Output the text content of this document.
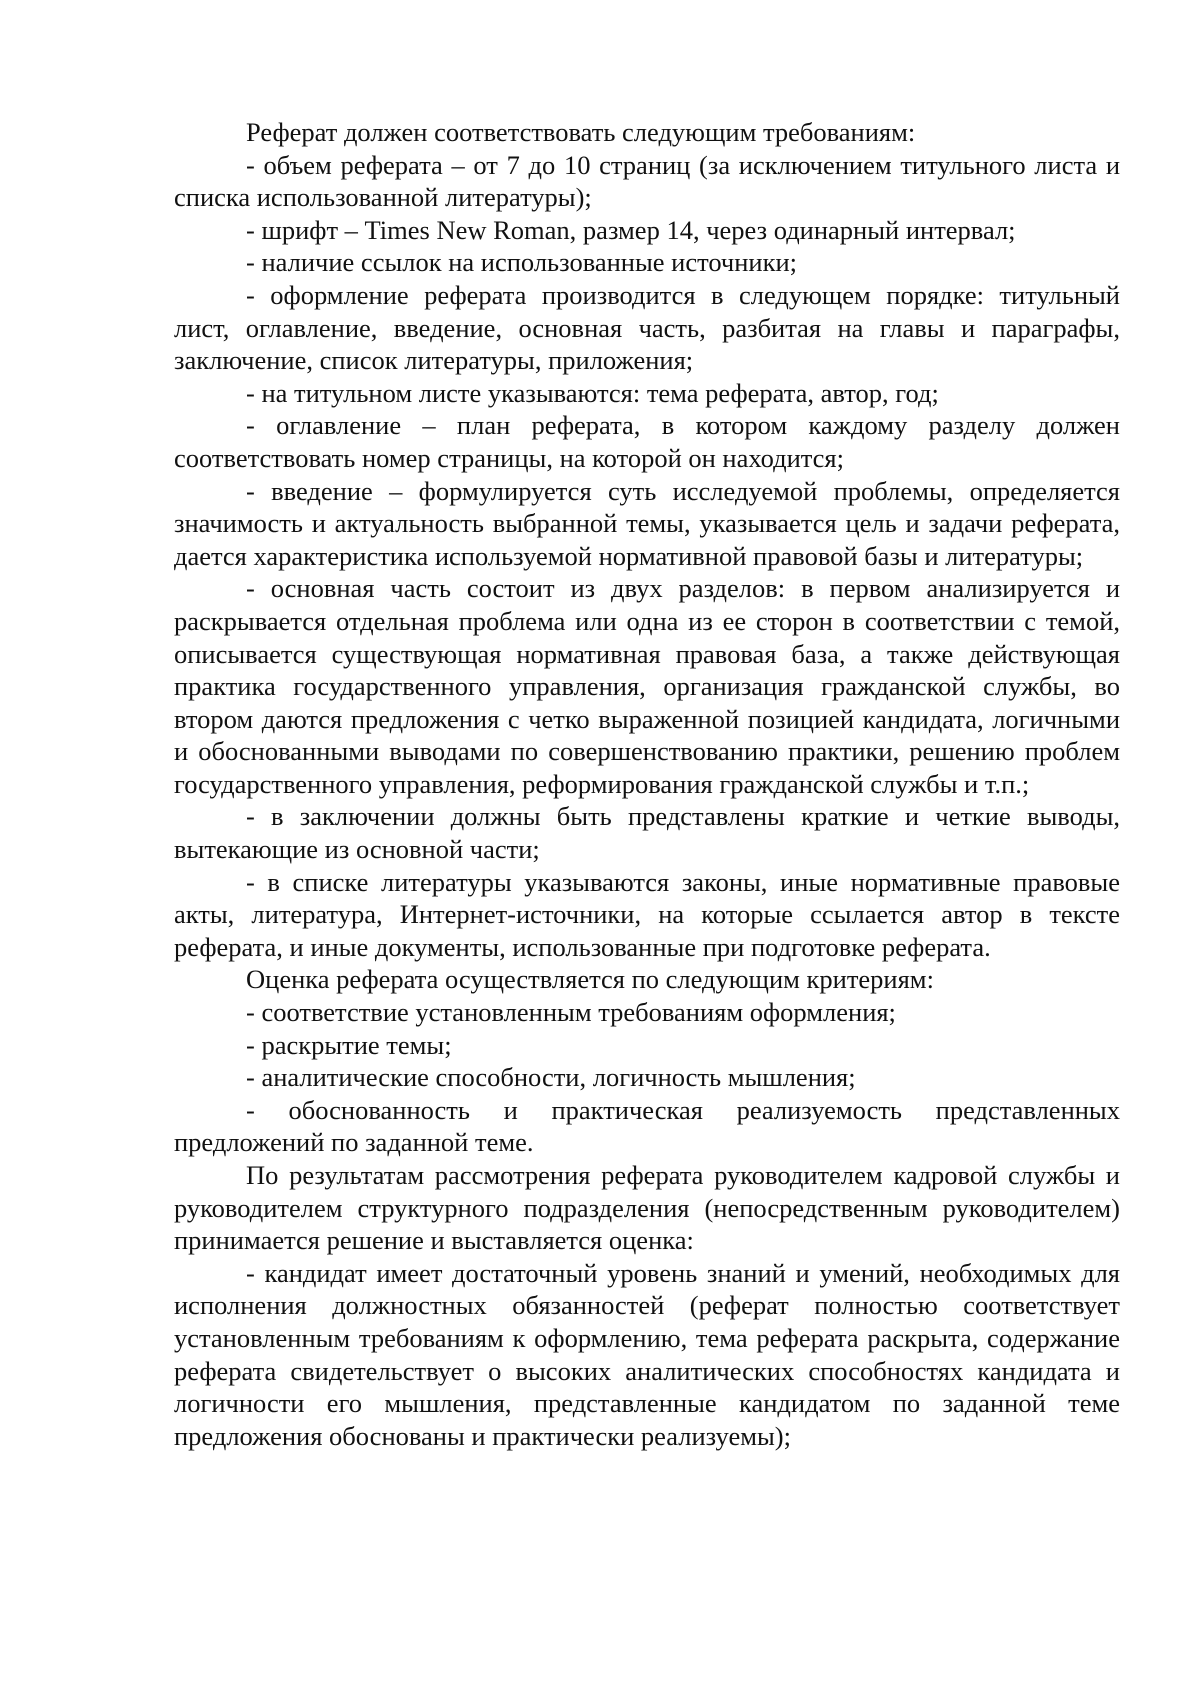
Реферат должен соответствовать следующим требованиям:

- объем реферата – от 7 до 10 страниц (за исключением титульного листа и списка использованной литературы);

- шрифт – Times New Roman, размер 14, через одинарный интервал;

- наличие ссылок на использованные источники;

- оформление реферата производится в следующем порядке: титульный лист, оглавление, введение, основная часть, разбитая на главы и параграфы, заключение, список литературы, приложения;

- на титульном листе указываются: тема реферата, автор, год;

- оглавление – план реферата, в котором каждому разделу должен соответствовать номер страницы, на которой он находится;

- введение – формулируется суть исследуемой проблемы, определяется значимость и актуальность выбранной темы, указывается цель и задачи реферата, дается характеристика используемой нормативной правовой базы и литературы;

- основная часть состоит из двух разделов: в первом анализируется и раскрывается отдельная проблема или одна из ее сторон в соответствии с темой, описывается существующая нормативная правовая база, а также действующая практика государственного управления, организация гражданской службы, во втором даются предложения с четко выраженной позицией кандидата, логичными и обоснованными выводами по совершенствованию практики, решению проблем государственного управления, реформирования гражданской службы и т.п.;

- в заключении должны быть представлены краткие и четкие выводы, вытекающие из основной части;

- в списке литературы указываются законы, иные нормативные правовые акты, литература, Интернет-источники, на которые ссылается автор в тексте реферата, и иные документы, использованные при подготовке реферата.

Оценка реферата осуществляется по следующим критериям:

- соответствие установленным требованиям оформления;

- раскрытие темы;

- аналитические способности, логичность мышления;

- обоснованность и практическая реализуемость представленных предложений по заданной теме.

По результатам рассмотрения реферата руководителем кадровой службы и руководителем структурного подразделения (непосредственным руководителем) принимается решение и выставляется оценка:

- кандидат имеет достаточный уровень знаний и умений, необходимых для исполнения должностных обязанностей (реферат полностью соответствует установленным требованиям к оформлению, тема реферата раскрыта, содержание реферата свидетельствует о высоких аналитических способностях кандидата и логичности его мышления, представленные кандидатом по заданной теме предложения обоснованы и практически реализуемы);
